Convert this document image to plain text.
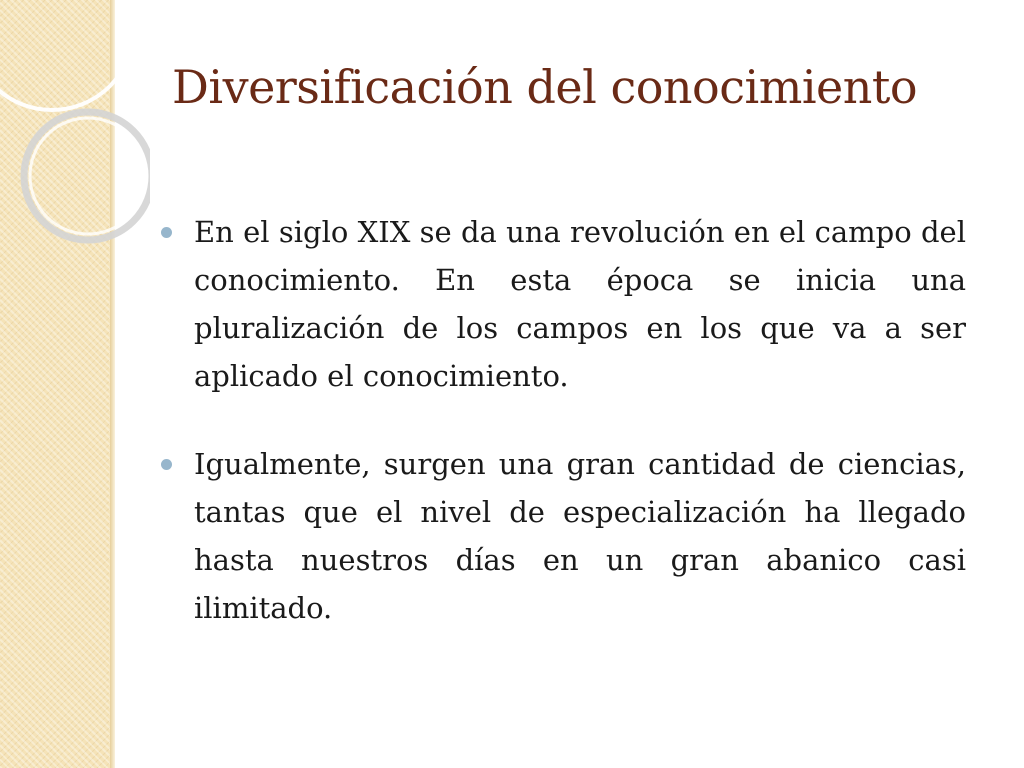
Diversificación del conocimiento
En el siglo XIX se da una revolución en el campo del conocimiento. En esta época se inicia una pluralización de los campos en los que va a ser aplicado el conocimiento.
Igualmente, surgen una gran cantidad de ciencias, tantas que el nivel de especialización ha llegado hasta nuestros días en un gran abanico casi ilimitado.
